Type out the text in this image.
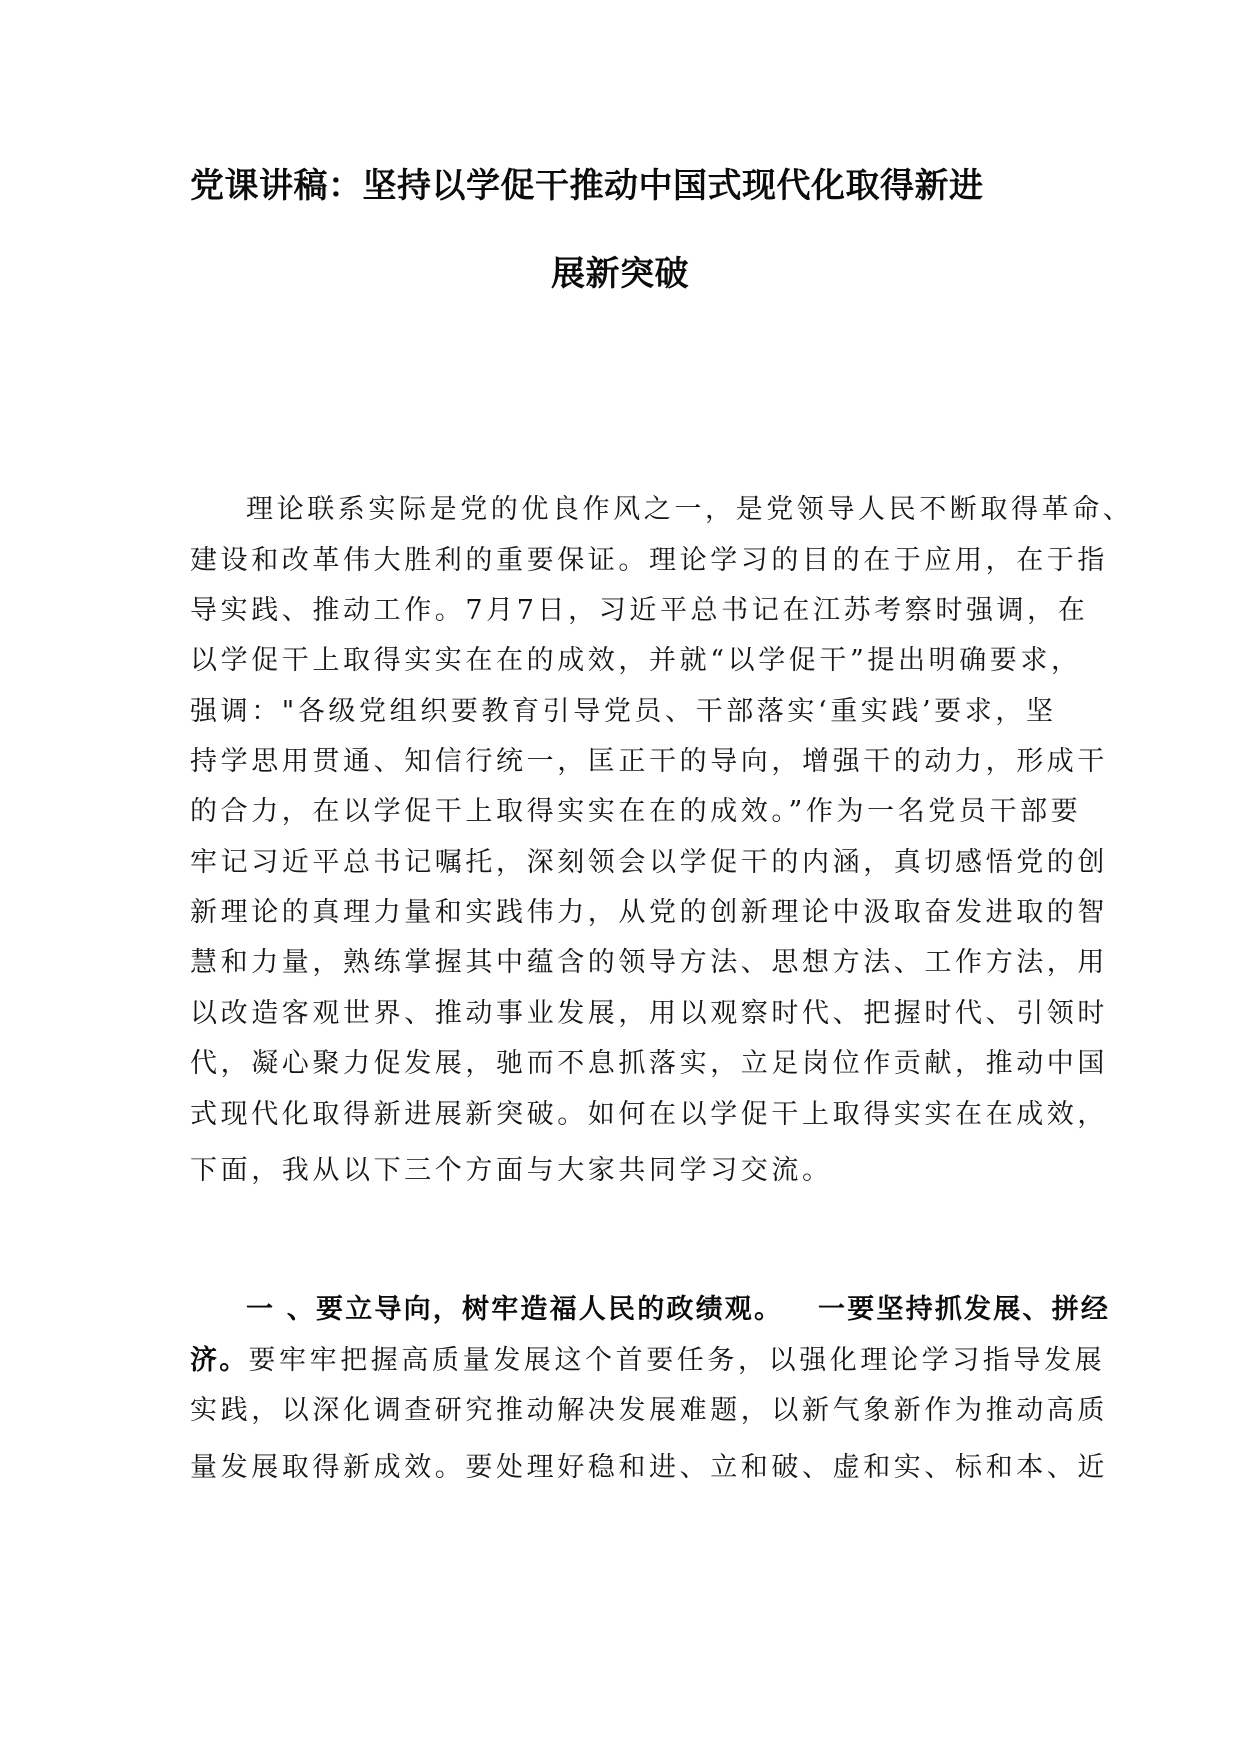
党课讲稿：坚持以学促干推动中国式现代化取得新进
展新突破

理论联系实际是党的优良作风之一，是党领导人民不断取得革命、

建设和改革伟大胜利的重要保证。理论学习的目的在于应用，在于指

导实践、推动工作。7月7日，习近平总书记在江苏考察时强调，在

以学促干上取得实实在在的成效，并就“以学促干”提出明确要求，

强调："各级党组织要教育引导党员、干部落实‘重实践’要求，坚

持学思用贯通、知信行统一，匡正干的导向，增强干的动力，形成干

的合力，在以学促干上取得实实在在的成效。”作为一名党员干部要

牢记习近平总书记嘱托，深刻领会以学促干的内涵，真切感悟党的创

新理论的真理力量和实践伟力，从党的创新理论中汲取奋发进取的智

慧和力量，熟练掌握其中蕴含的领导方法、思想方法、工作方法，用

以改造客观世界、推动事业发展，用以观察时代、把握时代、引领时

代，凝心聚力促发展，驰而不息抓落实，立足岗位作贡献，推动中国

式现代化取得新进展新突破。如何在以学促干上取得实实在在成效，

下面，我从以下三个方面与大家共同学习交流。

一 、要立导向，树牢造福人民的政绩观。 一要坚持抓发展、拼经

济。要牢牢把握高质量发展这个首要任务，以强化理论学习指导发展

实践，以深化调查研究推动解决发展难题，以新气象新作为推动高质

量发展取得新成效。要处理好稳和进、立和破、虚和实、标和本、近
